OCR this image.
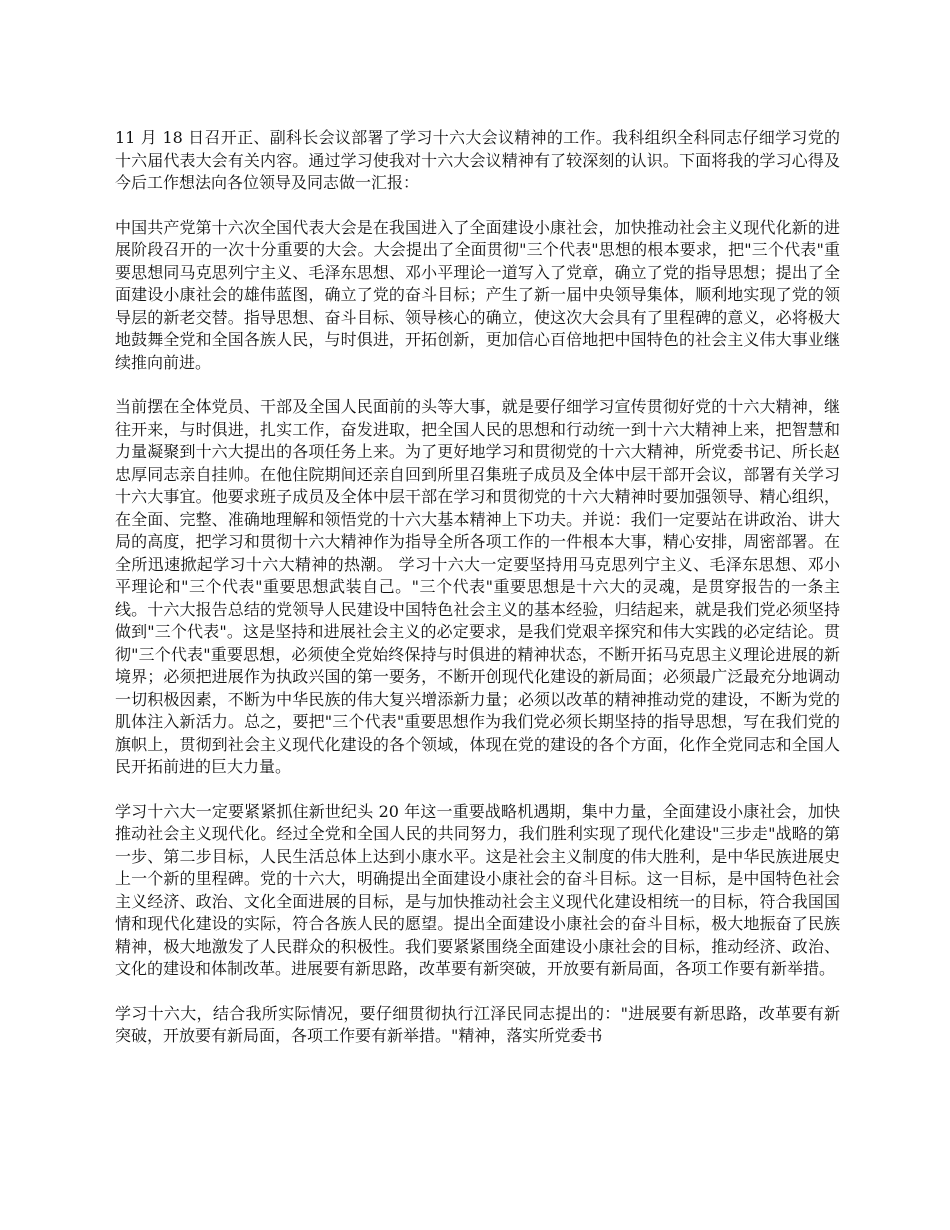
11 月 18 日召开正、副科长会议部署了学习十六大会议精神的工作。我科组织全科同志仔细学习党的十六届代表大会有关内容。通过学习使我对十六大会议精神有了较深刻的认识。下面将我的学习心得及今后工作想法向各位领导及同志做一汇报：

中国共产党第十六次全国代表大会是在我国进入了全面建设小康社会，加快推动社会主义现代化新的进展阶段召开的一次十分重要的大会。大会提出了全面贯彻"三个代表"思想的根本要求，把"三个代表"重要思想同马克思列宁主义、毛泽东思想、邓小平理论一道写入了党章，确立了党的指导思想；提出了全面建设小康社会的雄伟蓝图，确立了党的奋斗目标；产生了新一届中央领导集体，顺利地实现了党的领导层的新老交替。指导思想、奋斗目标、领导核心的确立，使这次大会具有了里程碑的意义，必将极大地鼓舞全党和全国各族人民，与时俱进，开拓创新，更加信心百倍地把中国特色的社会主义伟大事业继续推向前进。

当前摆在全体党员、干部及全国人民面前的头等大事，就是要仔细学习宣传贯彻好党的十六大精神，继往开来，与时俱进，扎实工作，奋发进取，把全国人民的思想和行动统一到十六大精神上来，把智慧和力量凝聚到十六大提出的各项任务上来。为了更好地学习和贯彻党的十六大精神，所党委书记、所长赵忠厚同志亲自挂帅。在他住院期间还亲自回到所里召集班子成员及全体中层干部开会议，部署有关学习十六大事宜。他要求班子成员及全体中层干部在学习和贯彻党的十六大精神时要加强领导、精心组织，在全面、完整、准确地理解和领悟党的十六大基本精神上下功夫。并说：我们一定要站在讲政治、讲大局的高度，把学习和贯彻十六大精神作为指导全所各项工作的一件根本大事，精心安排，周密部署。在全所迅速掀起学习十六大精神的热潮。 学习十六大一定要坚持用马克思列宁主义、毛泽东思想、邓小平理论和"三个代表"重要思想武装自己。"三个代表"重要思想是十六大的灵魂，是贯穿报告的一条主线。十六大报告总结的党领导人民建设中国特色社会主义的基本经验，归结起来，就是我们党必须坚持做到"三个代表"。这是坚持和进展社会主义的必定要求，是我们党艰辛探究和伟大实践的必定结论。贯彻"三个代表"重要思想，必须使全党始终保持与时俱进的精神状态，不断开拓马克思主义理论进展的新境界；必须把进展作为执政兴国的第一要务，不断开创现代化建设的新局面；必须最广泛最充分地调动一切积极因素，不断为中华民族的伟大复兴增添新力量；必须以改革的精神推动党的建设，不断为党的肌体注入新活力。总之，要把"三个代表"重要思想作为我们党必须长期坚持的指导思想，写在我们党的旗帜上，贯彻到社会主义现代化建设的各个领域，体现在党的建设的各个方面，化作全党同志和全国人民开拓前进的巨大力量。

学习十六大一定要紧紧抓住新世纪头 20 年这一重要战略机遇期，集中力量，全面建设小康社会，加快推动社会主义现代化。经过全党和全国人民的共同努力，我们胜利实现了现代化建设"三步走"战略的第一步、第二步目标，人民生活总体上达到小康水平。这是社会主义制度的伟大胜利，是中华民族进展史上一个新的里程碑。党的十六大，明确提出全面建设小康社会的奋斗目标。这一目标，是中国特色社会主义经济、政治、文化全面进展的目标，是与加快推动社会主义现代化建设相统一的目标，符合我国国情和现代化建设的实际，符合各族人民的愿望。提出全面建设小康社会的奋斗目标，极大地振奋了民族精神，极大地激发了人民群众的积极性。我们要紧紧围绕全面建设小康社会的目标，推动经济、政治、文化的建设和体制改革。进展要有新思路，改革要有新突破，开放要有新局面，各项工作要有新举措。

学习十六大，结合我所实际情况，要仔细贯彻执行江泽民同志提出的："进展要有新思路，改革要有新突破，开放要有新局面，各项工作要有新举措。"精神，落实所党委书
